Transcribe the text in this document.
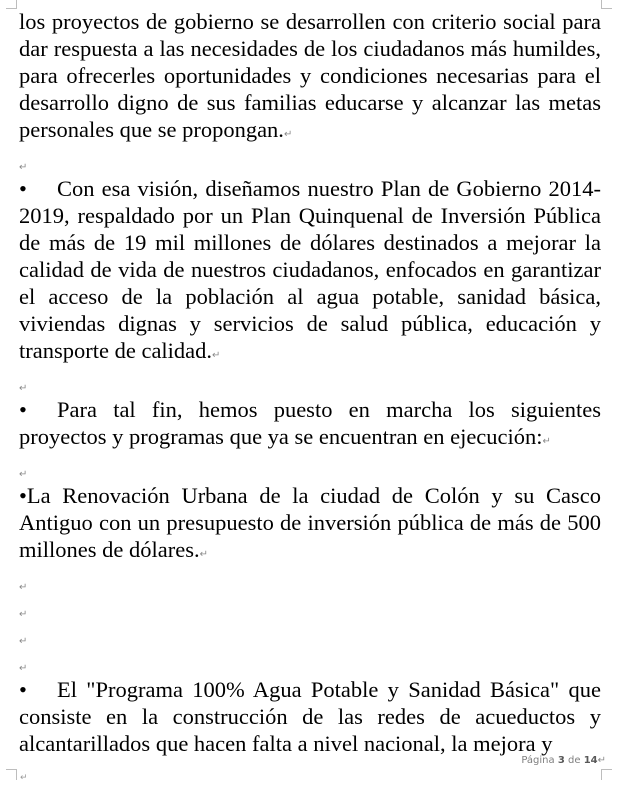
los proyectos de gobierno se desarrollen con criterio social para dar respuesta a las necesidades de los ciudadanos más humildes, para ofrecerles oportunidades y condiciones necesarias para el desarrollo digno de sus familias educarse y alcanzar las metas personales que se propongan.↵

↵

• Con esa visión, diseñamos nuestro Plan de Gobierno 2014-2019, respaldado por un Plan Quinquenal de Inversión Pública de más de 19 mil millones de dólares destinados a mejorar la calidad de vida de nuestros ciudadanos, enfocados en garantizar el acceso de la población al agua potable, sanidad básica, viviendas dignas y servicios de salud pública, educación y transporte de calidad.↵

↵

• Para tal fin, hemos puesto en marcha los siguientes proyectos y programas que ya se encuentran en ejecución:↵

↵

•La Renovación Urbana de la ciudad de Colón y su Casco Antiguo con un presupuesto de inversión pública de más de 500 millones de dólares.↵

↵
↵
↵
↵

• El "Programa 100% Agua Potable y Sanidad Básica" que consiste en la construcción de las redes de acueductos y alcantarillados que hacen falta a nivel nacional, la mejora y

Página 3 de 14↵
↵
